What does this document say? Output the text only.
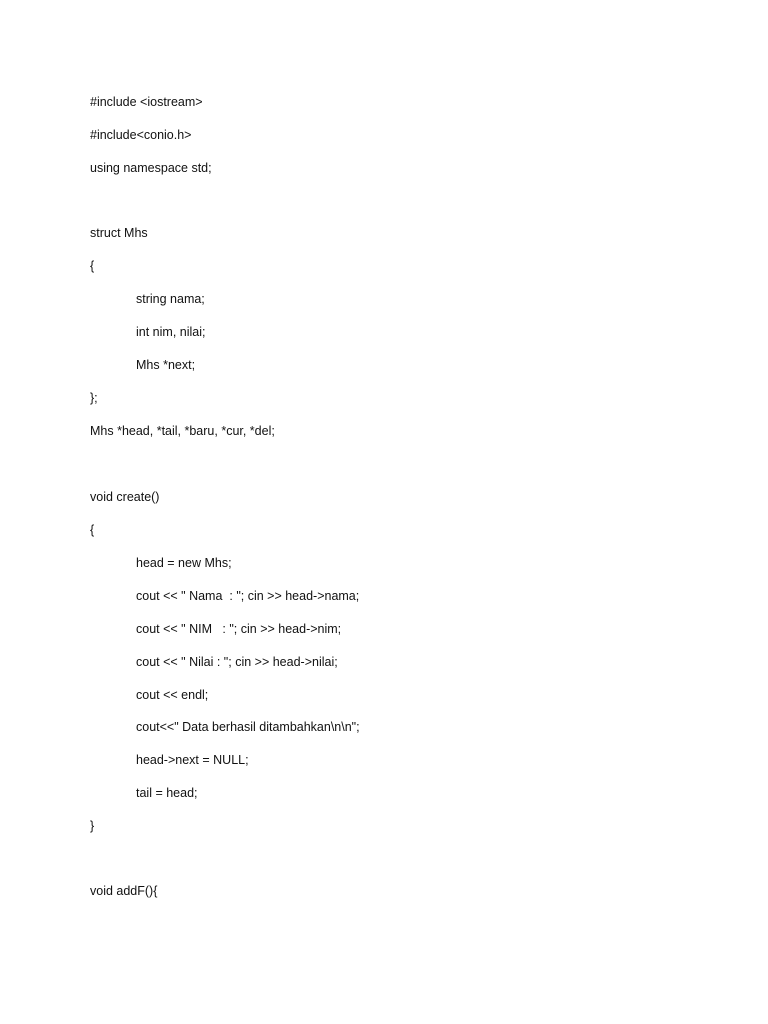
#include <iostream>
#include<conio.h>
using namespace std;
struct Mhs
{
string nama;
int nim, nilai;
Mhs *next;
};
Mhs *head, *tail, *baru, *cur, *del;
void create()
{
head = new Mhs;
cout << " Nama  : "; cin >> head->nama;
cout << " NIM   : "; cin >> head->nim;
cout << " Nilai : "; cin >> head->nilai;
cout << endl;
cout<<" Data berhasil ditambahkan\n\n";
head->next = NULL;
tail = head;
}
void addF(){
